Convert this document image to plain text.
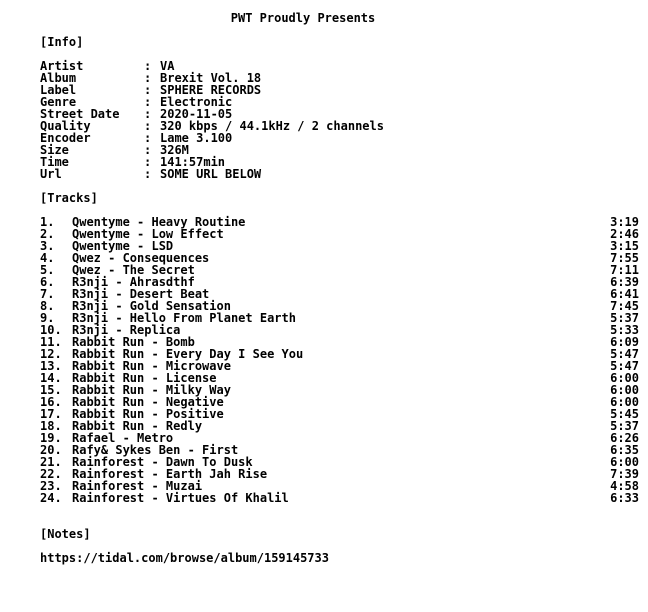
PWT Proudly Presents
[Info]
Artist	: VA
Album	: Brexit Vol. 18
Label	: SPHERE RECORDS
Genre	: Electronic
Street Date : 2020-11-05
Quality	: 320 kbps / 44.1kHz / 2 channels
Encoder	: Lame 3.100
Size	: 326M
Time	: 141:57min
Url	: SOME URL BELOW
[Tracks]
1. Qwentyme - Heavy Routine	3:19
2. Qwentyme - Low Effect	2:46
3. Qwentyme - LSD	3:15
4. Qwez - Consequences	7:55
5. Qwez - The Secret	7:11
6. R3nji - Ahrasdthf	6:39
7. R3nji - Desert Beat	6:41
8. R3nji - Gold Sensation	7:45
9. R3nji - Hello From Planet Earth	5:37
10. R3nji - Replica	5:33
11. Rabbit Run - Bomb	6:09
12. Rabbit Run - Every Day I See You	5:47
13. Rabbit Run - Microwave	5:47
14. Rabbit Run - License	6:00
15. Rabbit Run - Milky Way	6:00
16. Rabbit Run - Negative	6:00
17. Rabbit Run - Positive	5:45
18. Rabbit Run - Redly	5:37
19. Rafael - Metro	6:26
20. Rafy& Sykes Ben - First	6:35
21. Rainforest - Dawn To Dusk	6:00
22. Rainforest - Earth Jah Rise	7:39
23. Rainforest - Muzai	4:58
24. Rainforest - Virtues Of Khalil	6:33
[Notes]
https://tidal.com/browse/album/159145733
